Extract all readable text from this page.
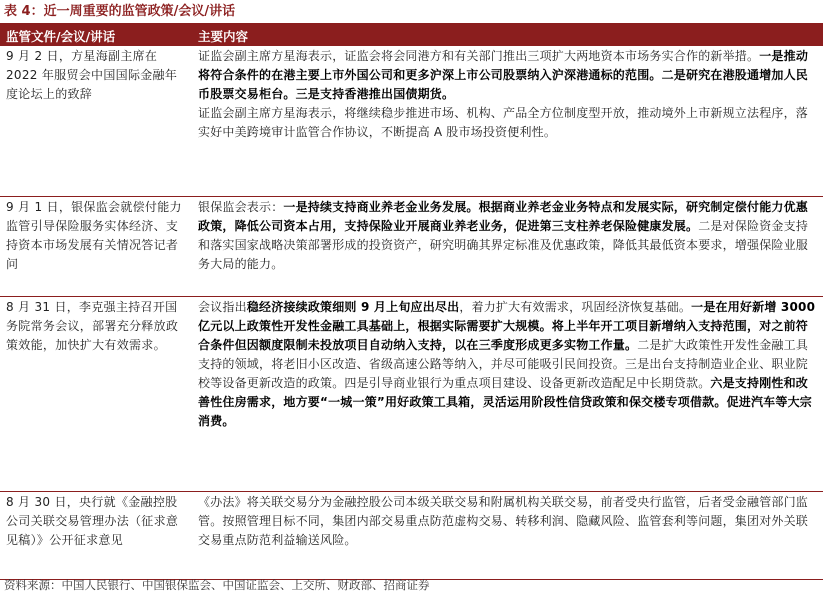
表 4：近一周重要的监管政策/会议/讲话
监管文件/会议/讲话	主要内容
9 月 2 日，方星海副主席在 2022 年服贸会中国国际金融年度论坛上的致辞	证监会副主席方星海表示，证监会将会同港方和有关部门推出三项扩大两地资本市场务实合作的新举措。一是推动将符合条件的在港主要上市外国公司和更多沪深上市公司股票纳入沪深港通标的范围。二是研究在港股通增加人民币股票交易柜台。三是支持香港推出国债期货。
证监会副主席方星海表示，将继续稳步推进市场、机构、产品全方位制度型开放，推动境外上市新规立法程序，落实好中美跨境审计监管合作协议，不断提高 A 股市场投资便利性。
9 月 1 日，银保监会就偿付能力监管引导保险服务实体经济、支持资本市场发展有关情况答记者问	银保监会表示：一是持续支持商业养老金业务发展。根据商业养老金业务特点和发展实际，研究制定偿付能力优惠政策，降低公司资本占用，支持保险业开展商业养老业务，促进第三支柱养老保险健康发展。二是对保险资金支持和落实国家战略决策部署形成的投资资产，研究明确其界定标准及优惠政策，降低其最低资本要求，增强保险业服务大局的能力。
8 月 31 日，李克强主持召开国务院常务会议，部署充分释放政策效能，加快扩大有效需求。	会议指出稳经济接续政策细则 9 月上旬应出尽出，着力扩大有效需求，巩固经济恢复基础。一是在用好新增 3000 亿元以上政策性开发性金融工具基础上，根据实际需要扩大规模。将上半年开工项目新增纳入支持范围，对之前符合条件但因额度限制未投放项目自动纳入支持，以在三季度形成更多实物工作量。二是扩大政策性开发性金融工具支持的领域，将老旧小区改造、省级高速公路等纳入，并尽可能吸引民间投资。三是出台支持制造业企业、职业院校等设备更新改造的政策。四是引导商业银行为重点项目建设、设备更新改造配足中长期贷款。六是支持刚性和改善性住房需求，地方要“一城一策”用好政策工具箱，灵活运用阶段性信贷政策和保交楼专项借款。促进汽车等大宗消费。
8 月 30 日，央行就《金融控股公司关联交易管理办法（征求意见稿）》公开征求意见	《办法》将关联交易分为金融控股公司本级关联交易和附属机构关联交易，前者受央行监管，后者受金融管部门监管。按照管理目标不同，集团内部交易重点防范虚构交易、转移利润、隐藏风险、监管套利等问题，集团对外关联交易重点防范利益输送风险。
资料来源：中国人民银行、中国银保监会、中国证监会、上交所、财政部、招商证券
